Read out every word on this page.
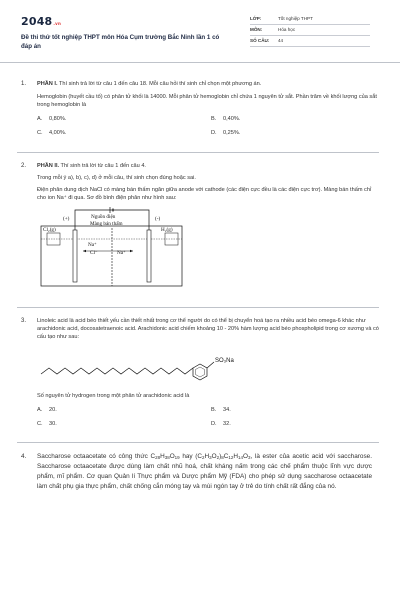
2048.vn
Đề thi thử tốt nghiệp THPT môn Hóa Cụm trường Bắc Ninh lần 1 có đáp án
LỚP:	Tốt nghiệp THPT
MÔN:	Hóa học
SỐ CÂU:	44
1.	PHẦN I. Thí sinh trả lời từ câu 1 đến câu 18. Mỗi câu hỏi thí sinh chỉ chọn một phương án.

Hemoglobin (huyết cầu tố) có phân tử khối là 14000. Mỗi phân tử hemoglobin chỉ chứa 1 nguyên tử sắt. Phần trăm về khối lượng của sắt trong hemoglobin là

A.	0,80%.	B.	0,40%.
C.	4,00%.	D.	0,25%.
2.	PHẦN II. Thí sinh trả lời từ câu 1 đến câu 4.

Trong mỗi ý a), b), c), d) ở mỗi câu, thí sinh chọn đúng hoặc sai.

Điện phân dung dịch NaCl có màng bán thấm ngăn giữa anode với cathode (các điện cực đều là các điện cực trơ). Màng bán thấm chỉ cho ion Na⁺ đi qua. Sơ đồ bình điện phân như hình sau:

Nguồn điện
Màng bán thấm
(+)	(-)
Cl₂(g)	H₂(g)
Na⁺
Cl⁻	Na⁺
3.	Linoleic acid là acid béo thiết yếu cần thiết nhất trong cơ thể người do có thể bị chuyển hoá tạo ra nhiều acid béo omega-6 khác như arachidonic acid, docosatetraenoic acid. Arachidonic acid chiếm khoảng 10 - 20% hàm lượng acid béo phospholipid trong cơ xương và có cấu tạo như sau:

SO₃Na

Số nguyên tử hydrogen trong một phân tử arachidonic acid là

A.	20.	B.	34.
C.	30.	D.	32.
4.	Saccharose octaacetate có công thức $C_{28}H_{38}O_{19}$ hay $(C_2H_3O_2)_8C_{12}H_{14}O_3$, là ester của acetic acid với saccharose. Saccharose octaacetate được dùng làm chất nhũ hoá, chất kháng nấm trong các chế phẩm thuộc lĩnh vực dược phẩm, mĩ phẩm. Cơ quan Quản lí Thực phẩm và Dược phẩm Mỹ (FDA) cho phép sử dụng saccharose octaacetate làm chất phụ gia thực phẩm, chất chống cắn móng tay và mùi ngón tay ở trẻ do tính chất rất đắng của nó.
